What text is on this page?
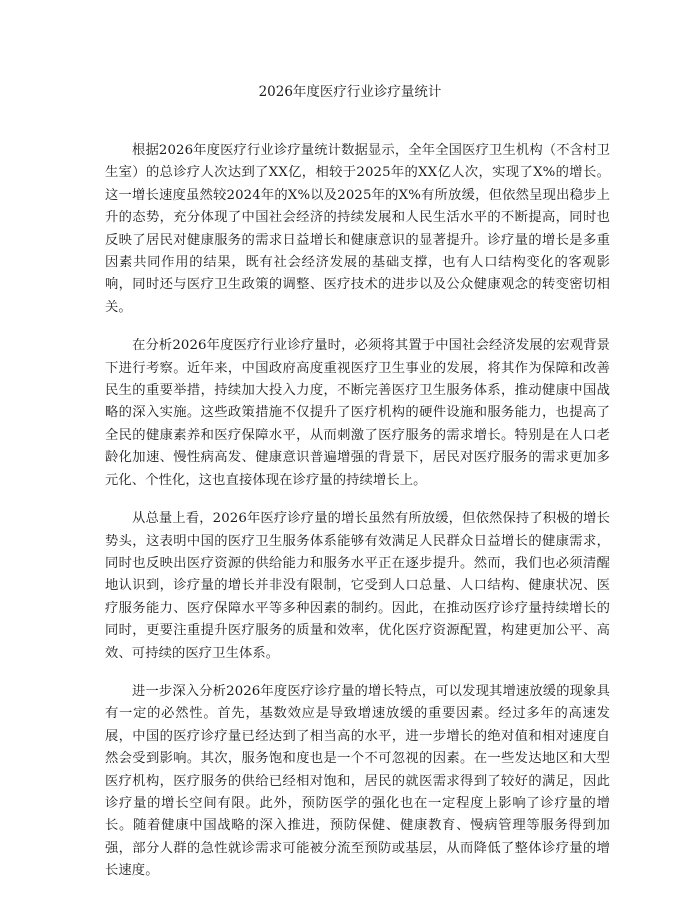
2026年度医疗行业诊疗量统计

根据2026年度医疗行业诊疗量统计数据显示，全年全国医疗卫生机构（不含村卫生室）的总诊疗人次达到了XX亿，相较于2025年的XX亿人次，实现了X%的增长。这一增长速度虽然较2024年的X%以及2025年的X%有所放缓，但依然呈现出稳步上升的态势，充分体现了中国社会经济的持续发展和人民生活水平的不断提高，同时也反映了居民对健康服务的需求日益增长和健康意识的显著提升。诊疗量的增长是多重因素共同作用的结果，既有社会经济发展的基础支撑，也有人口结构变化的客观影响，同时还与医疗卫生政策的调整、医疗技术的进步以及公众健康观念的转变密切相关。

在分析2026年度医疗行业诊疗量时，必须将其置于中国社会经济发展的宏观背景下进行考察。近年来，中国政府高度重视医疗卫生事业的发展，将其作为保障和改善民生的重要举措，持续加大投入力度，不断完善医疗卫生服务体系，推动健康中国战略的深入实施。这些政策措施不仅提升了医疗机构的硬件设施和服务能力，也提高了全民的健康素养和医疗保障水平，从而刺激了医疗服务的需求增长。特别是在人口老龄化加速、慢性病高发、健康意识普遍增强的背景下，居民对医疗服务的需求更加多元化、个性化，这也直接体现在诊疗量的持续增长上。

从总量上看，2026年医疗诊疗量的增长虽然有所放缓，但依然保持了积极的增长势头，这表明中国的医疗卫生服务体系能够有效满足人民群众日益增长的健康需求，同时也反映出医疗资源的供给能力和服务水平正在逐步提升。然而，我们也必须清醒地认识到，诊疗量的增长并非没有限制，它受到人口总量、人口结构、健康状况、医疗服务能力、医疗保障水平等多种因素的制约。因此，在推动医疗诊疗量持续增长的同时，更要注重提升医疗服务的质量和效率，优化医疗资源配置，构建更加公平、高效、可持续的医疗卫生体系。

进一步深入分析2026年度医疗诊疗量的增长特点，可以发现其增速放缓的现象具有一定的必然性。首先，基数效应是导致增速放缓的重要因素。经过多年的高速发展，中国的医疗诊疗量已经达到了相当高的水平，进一步增长的绝对值和相对速度自然会受到影响。其次，服务饱和度也是一个不可忽视的因素。在一些发达地区和大型医疗机构，医疗服务的供给已经相对饱和，居民的就医需求得到了较好的满足，因此诊疗量的增长空间有限。此外，预防医学的强化也在一定程度上影响了诊疗量的增长。随着健康中国战略的深入推进，预防保健、健康教育、慢病管理等服务得到加强，部分人群的急性就诊需求可能被分流至预防或基层，从而降低了整体诊疗量的增长速度。
